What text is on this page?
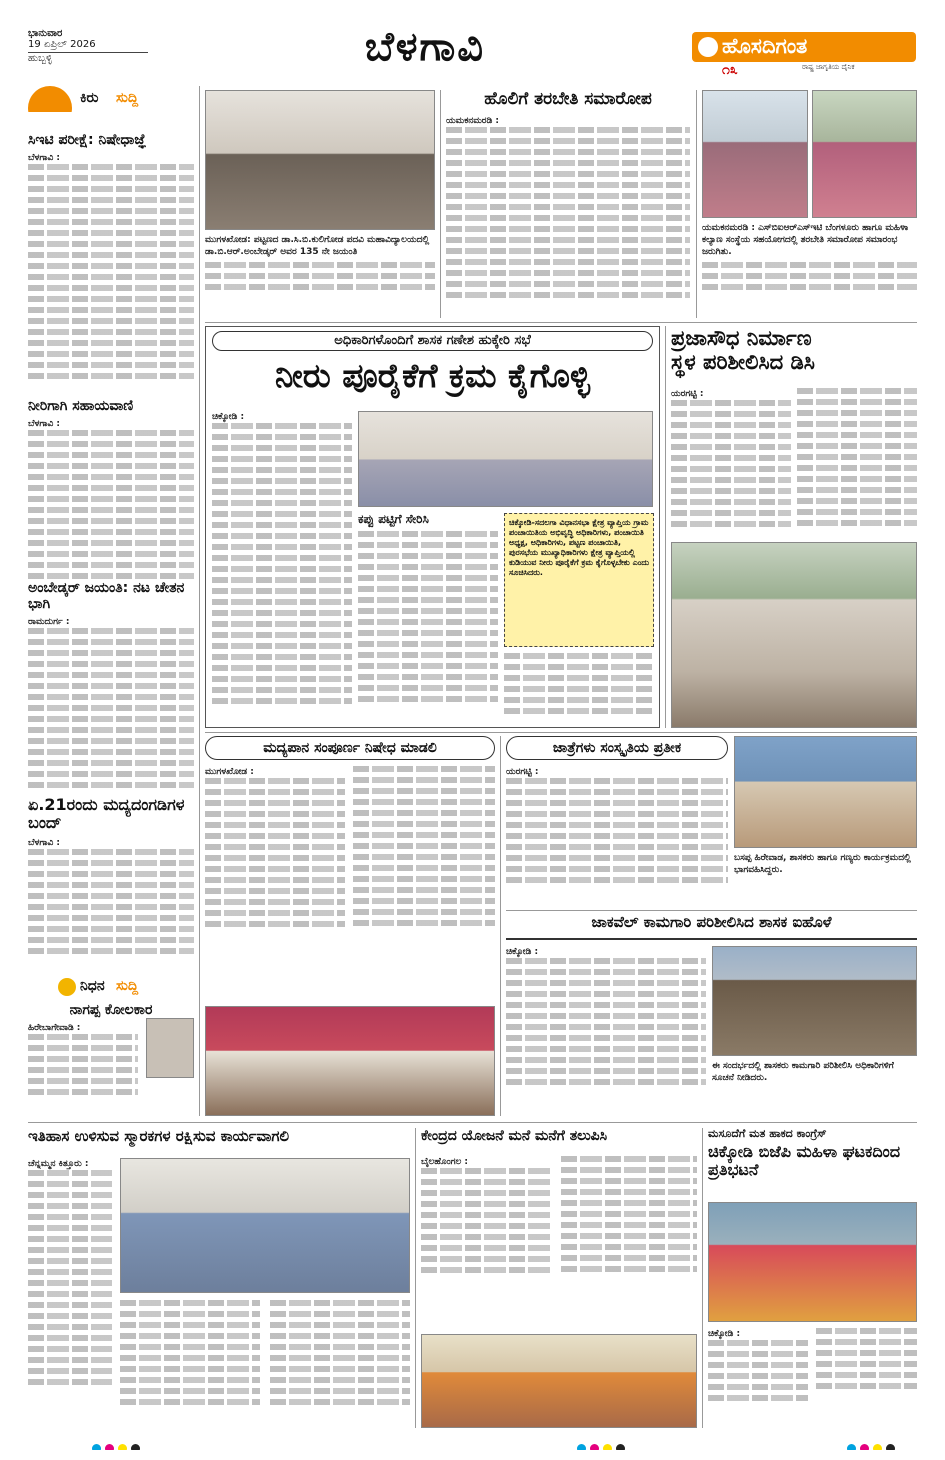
ಭಾನುವಾರ
19 ಏಪ್ರಿಲ್ 2026
ಹುಬ್ಬಳ್ಳಿ	ಬೆಳಗಾವಿ	ಹೊಸದಿಗಂತ
೧೩	ರಾಷ್ಟ್ರ ಜಾಗೃತಿಯ ದೈನಿಕ
ಕಿರು	ಸುದ್ದಿ
ಸಿಇಟಿ ಪರೀಕ್ಷೆ: ನಿಷೇಧಾಜ್ಞೆ
ಬೆಳಗಾವಿ :
ನೀರಿಗಾಗಿ ಸಹಾಯವಾಣಿ
ಬೆಳಗಾವಿ :
ಅಂಬೇಡ್ಕರ್ ಜಯಂತಿ: ನಟ ಚೇತನ ಭಾಗಿ
ರಾಮದುರ್ಗ :
ಏ.21ರಂದು ಮದ್ಯದಂಗಡಿಗಳ ಬಂದ್
ಬೆಳಗಾವಿ :
ನಿಧನ ಸುದ್ದಿ
ನಾಗಪ್ಪ ಕೋಲಕಾರ
ಹಿರೇಬಾಗೇವಾಡಿ :
ಮುಗಳಖೋಡ: ಪಟ್ಟಣದ ಡಾ.ಸಿ.ಬಿ.ಕುಲಿಗೋಡ ಪದವಿ ಮಹಾವಿದ್ಯಾಲಯದಲ್ಲಿ ಡಾ.ಬಿ.ಆರ್.ಅಂಬೇಡ್ಕರ್ ಅವರ 135 ನೇ ಜಯಂತಿ
ಹೊಲಿಗೆ ತರಬೇತಿ ಸಮಾರೋಪ
ಯಮಕನಮರಡಿ :
ಯಮಕನಮರಡಿ : ಎಸ್‌ಬಿಐಆರ್‌ಎಸ್‌ಇಟಿ ಬೆಂಗಳೂರು ಹಾಗೂ ಮಹಿಳಾ ಕಲ್ಯಾಣ ಸಂಸ್ಥೆಯ ಸಹಯೋಗದಲ್ಲಿ ತರಬೇತಿ ಸಮಾರೋಪ ಸಮಾರಂಭ ಜರುಗಿತು.
ಅಧಿಕಾರಿಗಳೊಂದಿಗೆ ಶಾಸಕ ಗಣೇಶ ಹುಕ್ಕೇರಿ ಸಭೆ
ನೀರು ಪೂರೈಕೆಗೆ ಕ್ರಮ ಕೈಗೊಳ್ಳಿ
ಚಿಕ್ಕೋಡಿ :
ಕಪ್ಪು ಪಟ್ಟಿಗೆ ಸೇರಿಸಿ	ಚಿಕ್ಕೋಡಿ-ಸದಲಗಾ ವಿಧಾನಸಭಾ ಕ್ಷೇತ್ರ ವ್ಯಾಪ್ತಿಯ ಗ್ರಾಮ ಪಂಚಾಯಿತಿಯ ಅಭಿವೃದ್ಧಿ ಅಧಿಕಾರಿಗಳು, ಪಂಚಾಯಿತಿ ಅಧ್ಯಕ್ಷ, ಅಧಿಕಾರಿಗಳು, ಪಟ್ಟಣ ಪಂಚಾಯಿತಿ, ಪುರಸಭೆಯ ಮುಖ್ಯಾಧಿಕಾರಿಗಳು ಕ್ಷೇತ್ರ ವ್ಯಾಪ್ತಿಯಲ್ಲಿ ಕುಡಿಯುವ ನೀರು ಪೂರೈಕೆಗೆ ಕ್ರಮ ಕೈಗೊಳ್ಳಬೇಕು ಎಂದು ಸೂಚಿಸಿದರು.
ಪ್ರಜಾಸೌಧ ನಿರ್ಮಾಣ
ಸ್ಥಳ ಪರಿಶೀಲಿಸಿದ ಡಿಸಿ
ಯರಗಟ್ಟಿ :
ಮದ್ಯಪಾನ ಸಂಪೂರ್ಣ ನಿಷೇಧ ಮಾಡಲಿ
ಮುಗಳಖೋಡ :
ಜಾತ್ರೆಗಳು ಸಂಸ್ಕೃತಿಯ ಪ್ರತೀಕ
ಯರಗಟ್ಟಿ :
ಬಸಪ್ಪ ಹಿರೇವಾಡ, ಶಾಸಕರು ಹಾಗೂ ಗಣ್ಯರು ಕಾರ್ಯಕ್ರಮದಲ್ಲಿ ಭಾಗವಹಿಸಿದ್ದರು.
ಜಾಕವೆಲ್ ಕಾಮಗಾರಿ ಪರಿಶೀಲಿಸಿದ ಶಾಸಕ ಐಹೊಳೆ
ಚಿಕ್ಕೋಡಿ :
ಈ ಸಂದರ್ಭದಲ್ಲಿ ಶಾಸಕರು ಕಾಮಗಾರಿ ಪರಿಶೀಲಿಸಿ ಅಧಿಕಾರಿಗಳಿಗೆ ಸೂಚನೆ ನೀಡಿದರು.
ಇತಿಹಾಸ ಉಳಿಸುವ ಸ್ಮಾರಕಗಳ ರಕ್ಷಿಸುವ ಕಾರ್ಯವಾಗಲಿ
ಚೆನ್ನಮ್ಮನ ಕಿತ್ತೂರು :
ಕೇಂದ್ರದ ಯೋಜನೆ ಮನೆ ಮನೆಗೆ ತಲುಪಿಸಿ
ಬೈಲಹೊಂಗಲ :
ಮಸೂದೆಗೆ ಮತ ಹಾಕದ ಕಾಂಗ್ರೆಸ್
ಚಿಕ್ಕೋಡಿ ಬಿಜೆಪಿ ಮಹಿಳಾ ಘಟಕದಿಂದ ಪ್ರತಿಭಟನೆ
ಚಿಕ್ಕೋಡಿ :
